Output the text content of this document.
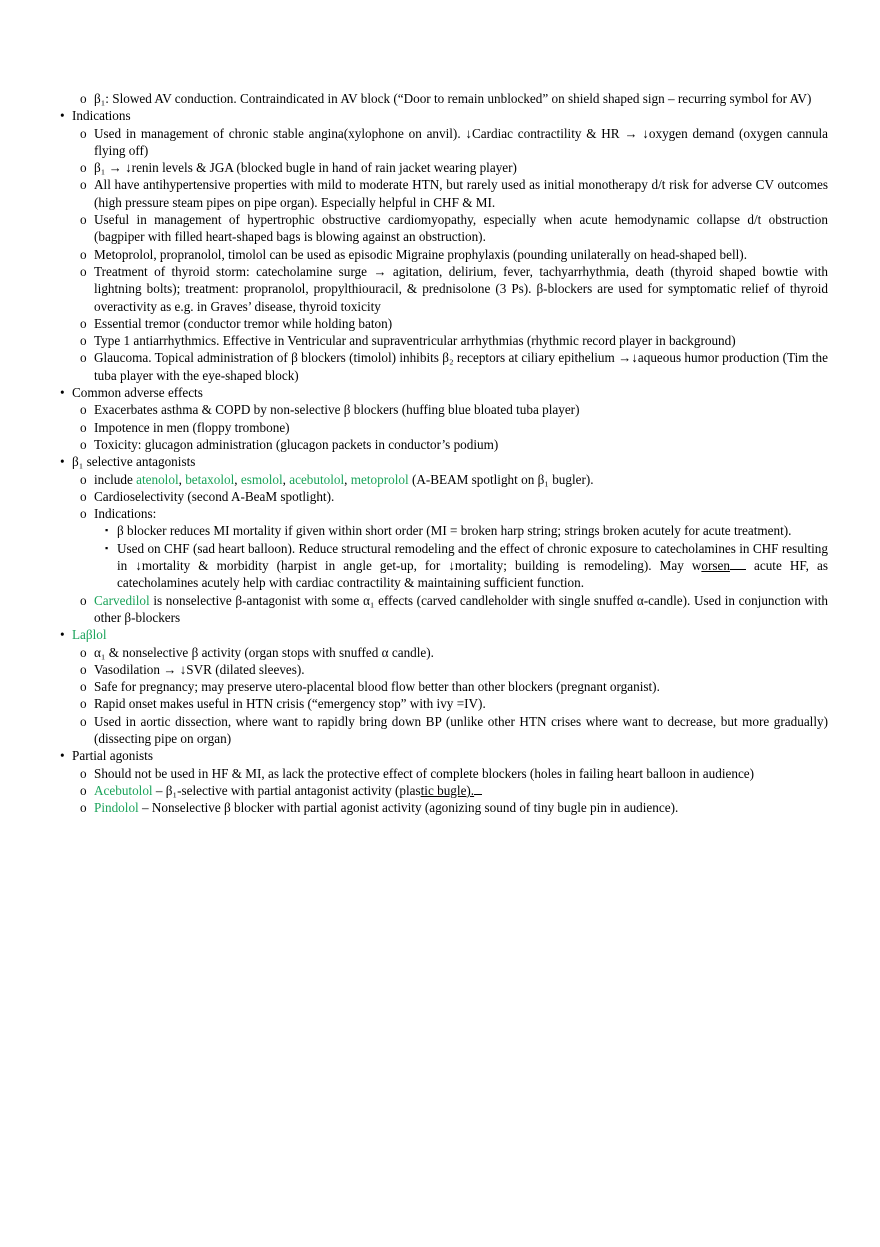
o β₁: Slowed AV conduction. Contraindicated in AV block (“Door to remain unblocked” on shield shaped sign – recurring symbol for AV)
• Indications
o Used in management of chronic stable angina(xylophone on anvil). ↓Cardiac contractility & HR → ↓oxygen demand (oxygen cannula flying off)
o β₁ → ↓renin levels & JGA (blocked bugle in hand of rain jacket wearing player)
o All have antihypertensive properties with mild to moderate HTN, but rarely used as initial monotherapy d/t risk for adverse CV outcomes (high pressure steam pipes on pipe organ). Especially helpful in CHF & MI.
o Useful in management of hypertrophic obstructive cardiomyopathy, especially when acute hemodynamic collapse d/t obstruction (bagpiper with filled heart-shaped bags is blowing against an obstruction).
o Metoprolol, propranolol, timolol can be used as episodic Migraine prophylaxis (pounding unilaterally on head-shaped bell).
o Treatment of thyroid storm: catecholamine surge → agitation, delirium, fever, tachyarrhythmia, death (thyroid shaped bowtie with lightning bolts); treatment: propranolol, propylthiouracil, & prednisolone (3 Ps). β-blockers are used for symptomatic relief of thyroid overactivity as e.g. in Graves’ disease, thyroid toxicity
o Essential tremor (conductor tremor while holding baton)
o Type 1 antiarrhythmics. Effective in Ventricular and supraventricular arrhythmias (rhythmic record player in background)
o Glaucoma. Topical administration of β blockers (timolol) inhibits β₂ receptors at ciliary epithelium →↓aqueous humor production (Tim the tuba player with the eye-shaped block)
• Common adverse effects
o Exacerbates asthma & COPD by non-selective β blockers (huffing blue bloated tuba player)
o Impotence in men (floppy trombone)
o Toxicity: glucagon administration (glucagon packets in conductor’s podium)
• β₁ selective antagonists
o include atenolol, betaxolol, esmolol, acebutolol, metoprolol (A-BEAM spotlight on β₁ bugler).
o Cardioselectivity (second A-BeaM spotlight).
o Indications:
▪ β blocker reduces MI mortality if given within short order (MI = broken harp string; strings broken acutely for acute treatment).
▪ Used on CHF (sad heart balloon). Reduce structural remodeling and the effect of chronic exposure to catecholamines in CHF resulting in ↓mortality & morbidity (harpist in angle get-up, for ↓mortality; building is remodeling). May worsen acute HF, as catecholamines acutely help with cardiac contractility & maintaining sufficient function.
o Carvedilol is nonselective β-antagonist with some α₁ effects (carved candleholder with single snuffed α-candle). Used in conjunction with other β-blockers
• Laβlol
o α₁ & nonselective β activity (organ stops with snuffed α candle).
o Vasodilation → ↓SVR (dilated sleeves).
o Safe for pregnancy; may preserve utero-placental blood flow better than other blockers (pregnant organist).
o Rapid onset makes useful in HTN crisis (“emergency stop” with ivy =IV).
o Used in aortic dissection, where want to rapidly bring down BP (unlike other HTN crises where want to decrease, but more gradually) (dissecting pipe on organ)
• Partial agonists
o Should not be used in HF & MI, as lack the protective effect of complete blockers (holes in failing heart balloon in audience)
o Acebutolol – β₁-selective with partial antagonist activity (plastic bugle).
o Pindolol – Nonselective β blocker with partial agonist activity (agonizing sound of tiny bugle pin in audience).
